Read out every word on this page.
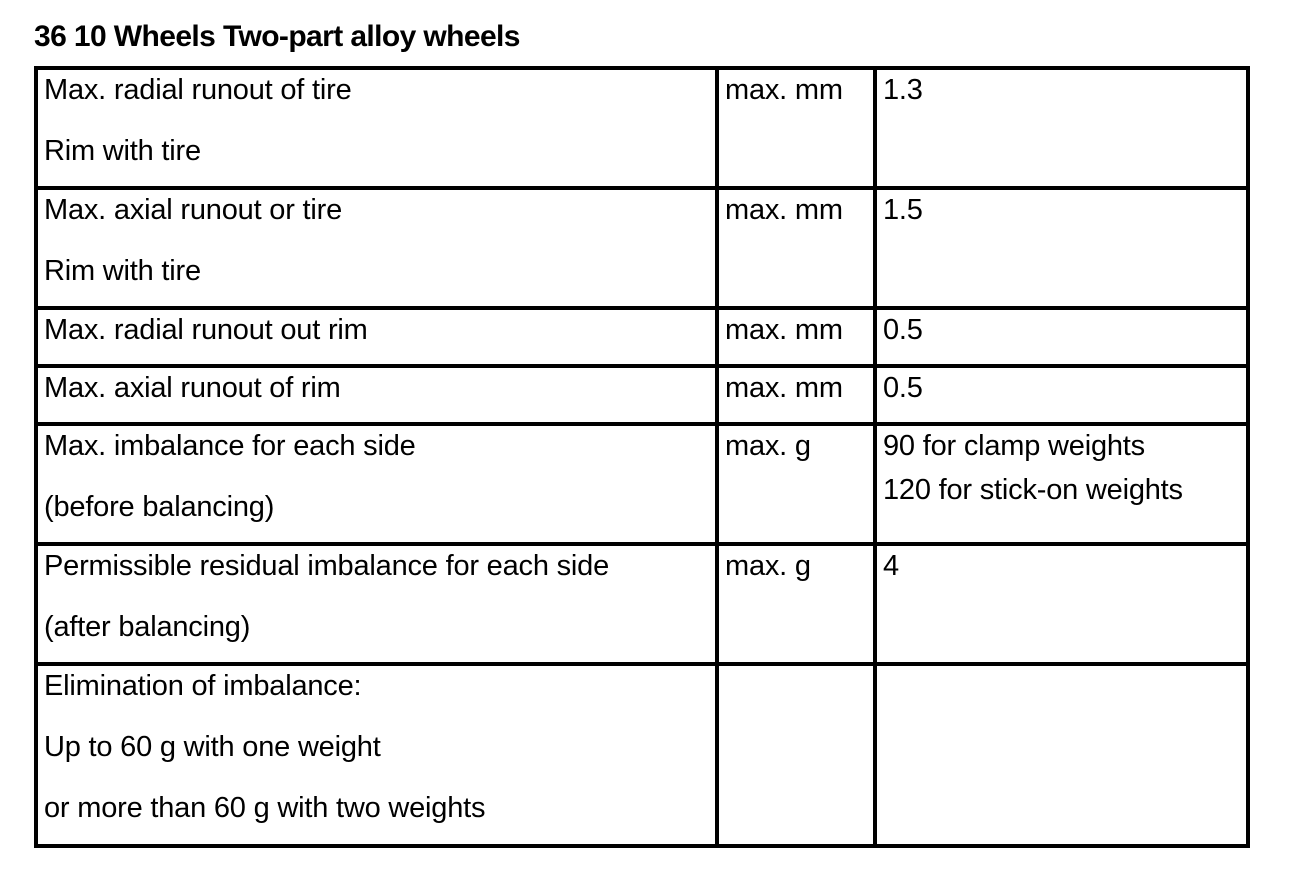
36 10 Wheels Two-part alloy wheels
Max. radial runout of tire
Rim with tire	max. mm	1.3

Max. axial runout or tire
Rim with tire	max. mm	1.5

Max. radial runout out rim	max. mm	0.5

Max. axial runout of rim	max. mm	0.5

Max. imbalance for each side
(before balancing)	max. g	90 for clamp weights
120 for stick-on weights

Permissible residual imbalance for each side
(after balancing)	max. g	4

Elimination of imbalance:
Up to 60 g with one weight
or more than 60 g with two weights		
